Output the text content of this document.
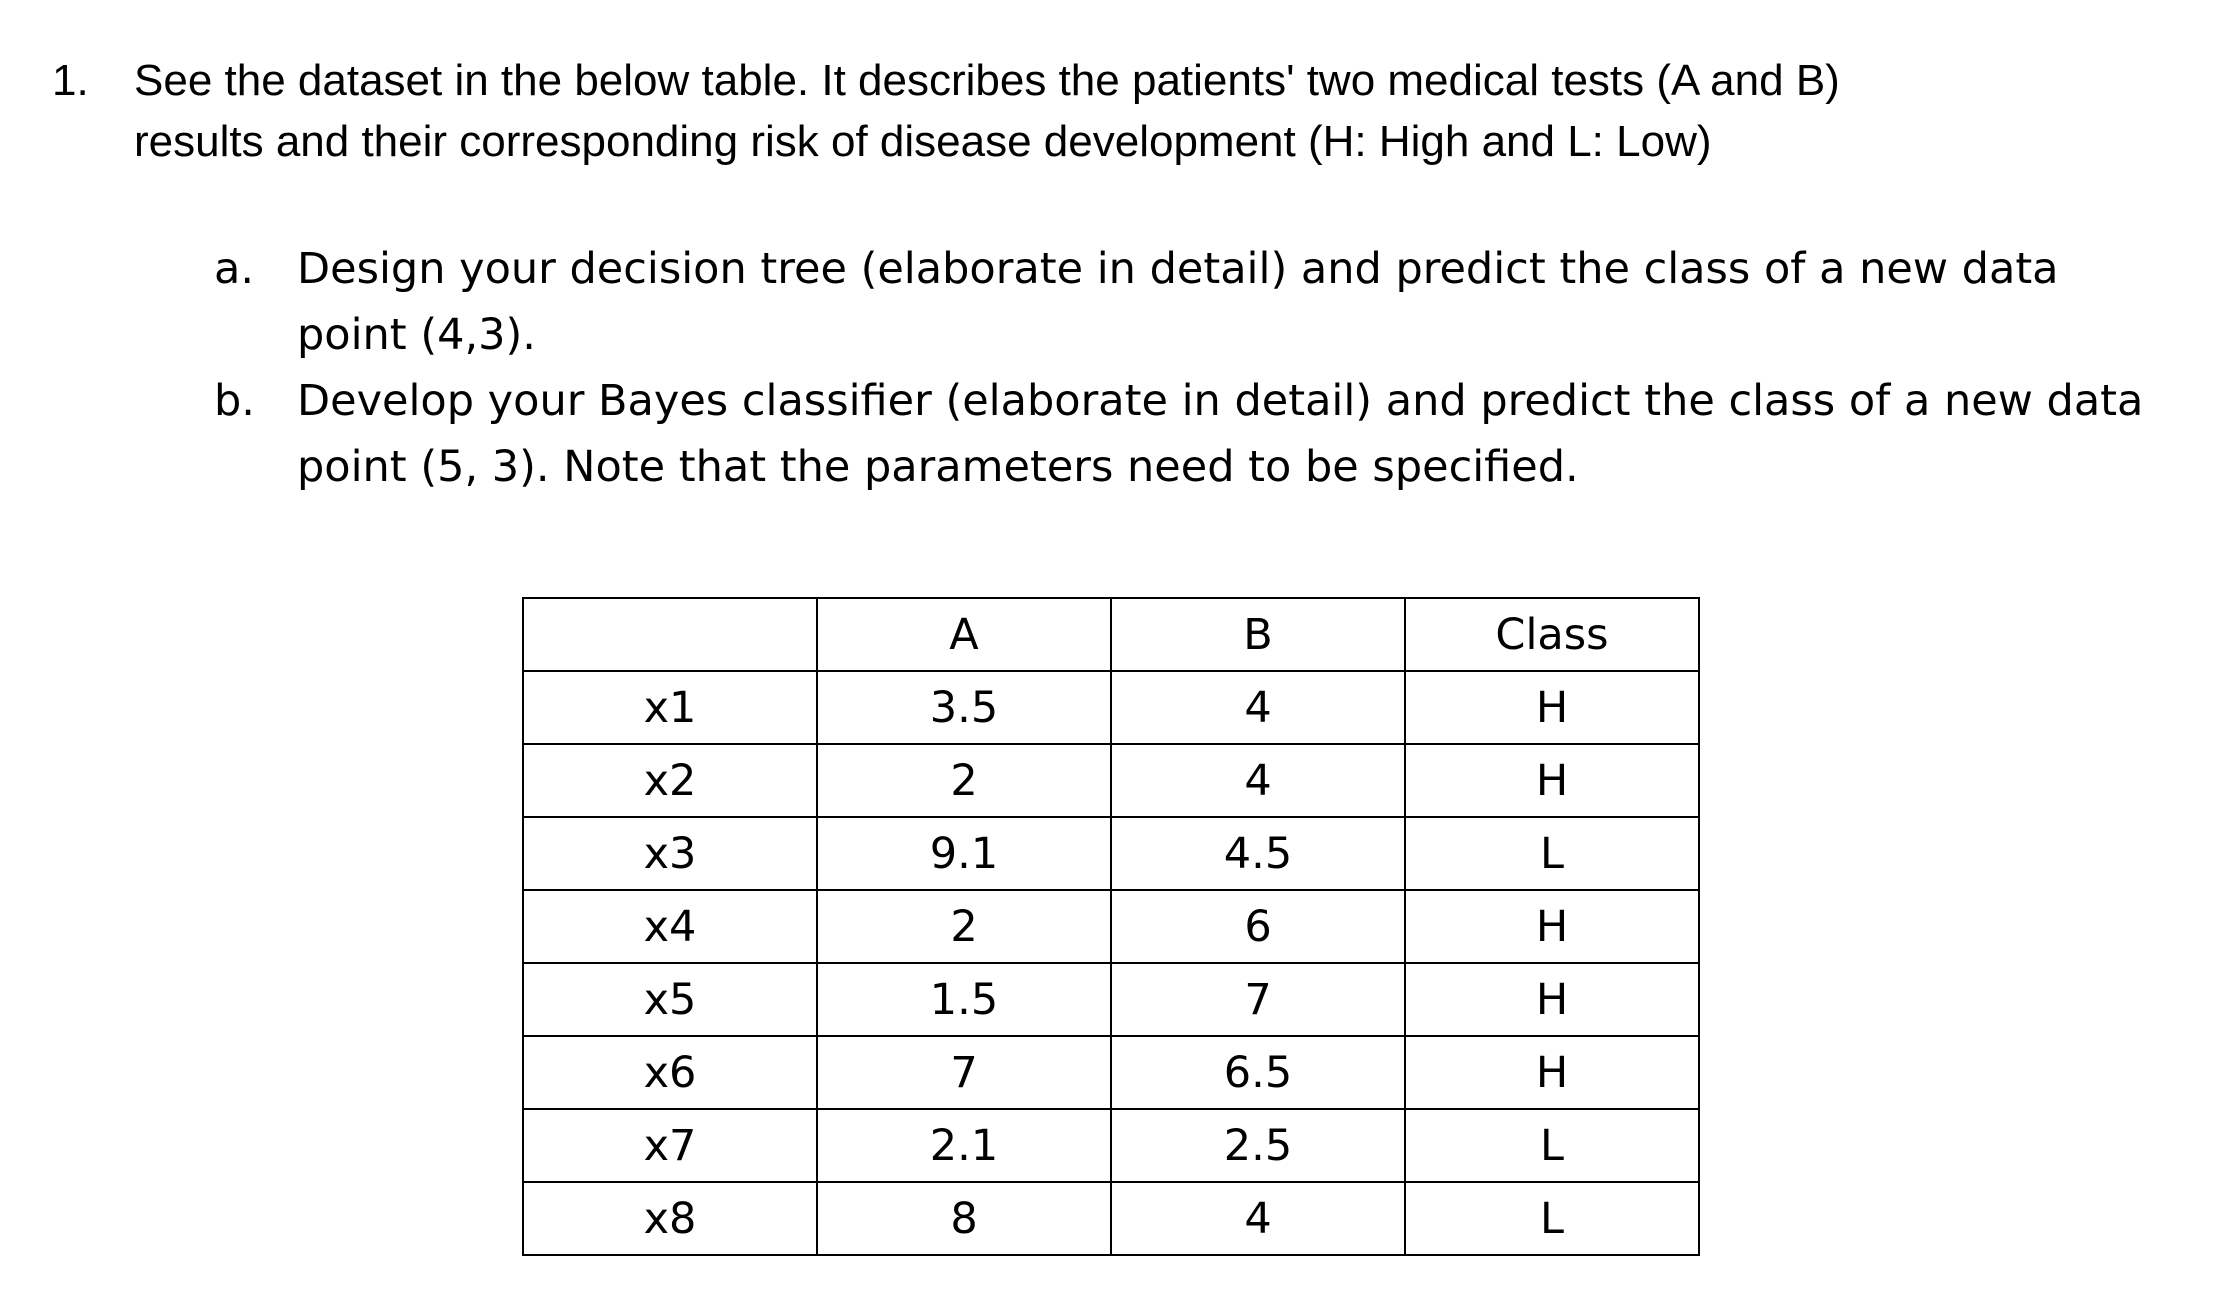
1. See the dataset in the below table. It describes the patients' two medical tests (A and B)
results and their corresponding risk of disease development (H: High and L: Low)
a. Design your decision tree (elaborate in detail) and predict the class of a new data
point (4,3).
b. Develop your Bayes classifier (elaborate in detail) and predict the class of a new data
point (5, 3). Note that the parameters need to be specified.
	A	B	Class
x1	3.5	4	H
x2	2	4	H
x3	9.1	4.5	L
x4	2	6	H
x5	1.5	7	H
x6	7	6.5	H
x7	2.1	2.5	L
x8	8	4	L
